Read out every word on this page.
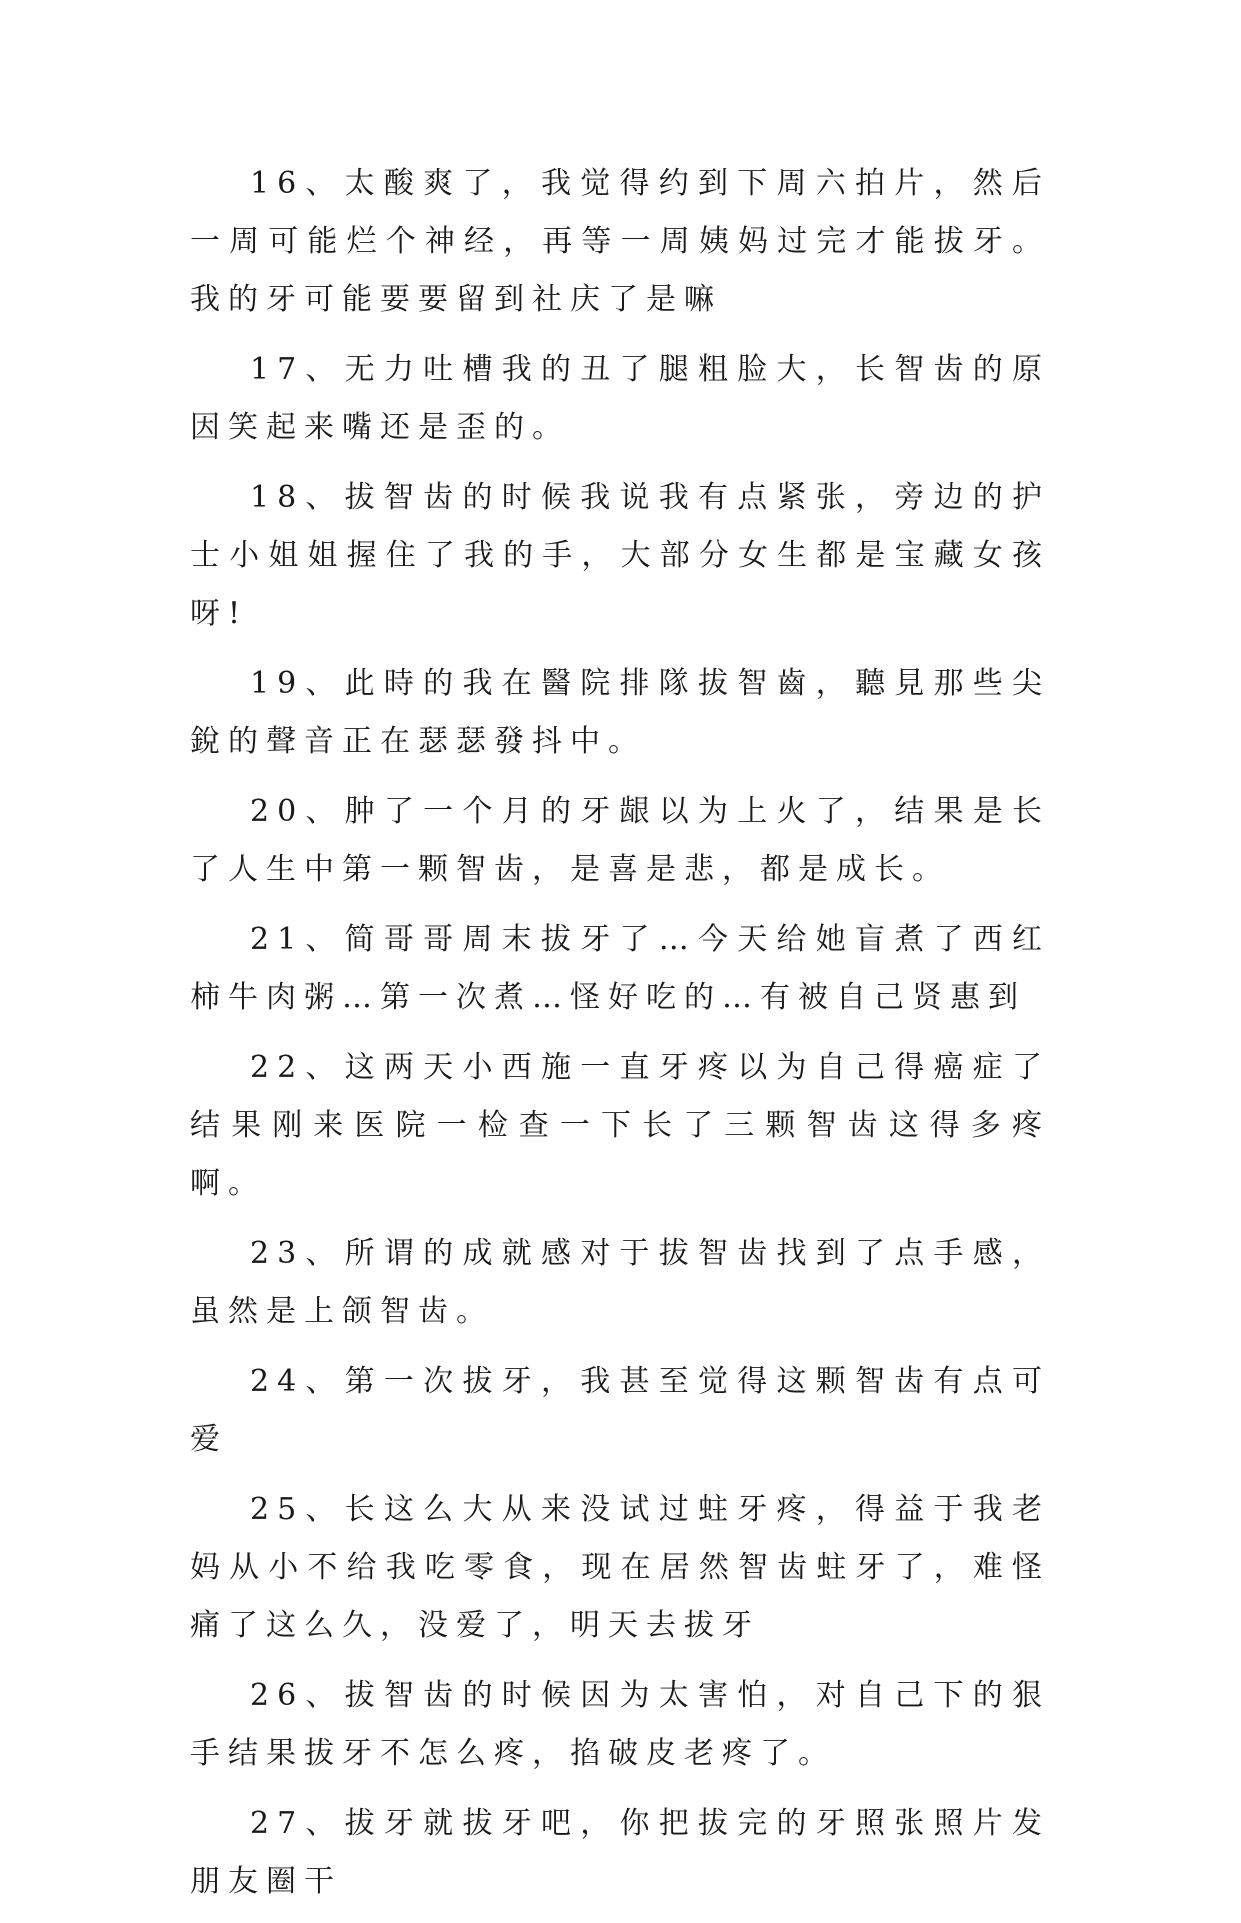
16、太酸爽了，我觉得约到下周六拍片，然后一周可能烂个神经，再等一周姨妈过完才能拔牙。我的牙可能要要留到社庆了是嘛

17、无力吐槽我的丑了腿粗脸大，长智齿的原因笑起来嘴还是歪的。

18、拔智齿的时候我说我有点紧张，旁边的护士小姐姐握住了我的手，大部分女生都是宝藏女孩呀!

19、此時的我在醫院排隊拔智齒，聽見那些尖銳的聲音正在瑟瑟發抖中。

20、肿了一个月的牙龈以为上火了，结果是长了人生中第一颗智齿，是喜是悲，都是成长。

21、简哥哥周末拔牙了…今天给她盲煮了西红柿牛肉粥…第一次煮…怪好吃的…有被自己贤惠到

22、这两天小西施一直牙疼以为自己得癌症了结果刚来医院一检查一下长了三颗智齿这得多疼啊。

23、所谓的成就感对于拔智齿找到了点手感，虽然是上颌智齿。

24、第一次拔牙，我甚至觉得这颗智齿有点可爱

25、长这么大从来没试过蛀牙疼，得益于我老妈从小不给我吃零食，现在居然智齿蛀牙了，难怪痛了这么久，没爱了，明天去拔牙

26、拔智齿的时候因为太害怕，对自己下的狠手结果拔牙不怎么疼，掐破皮老疼了。

27、拔牙就拔牙吧，你把拔完的牙照张照片发朋友圈干
